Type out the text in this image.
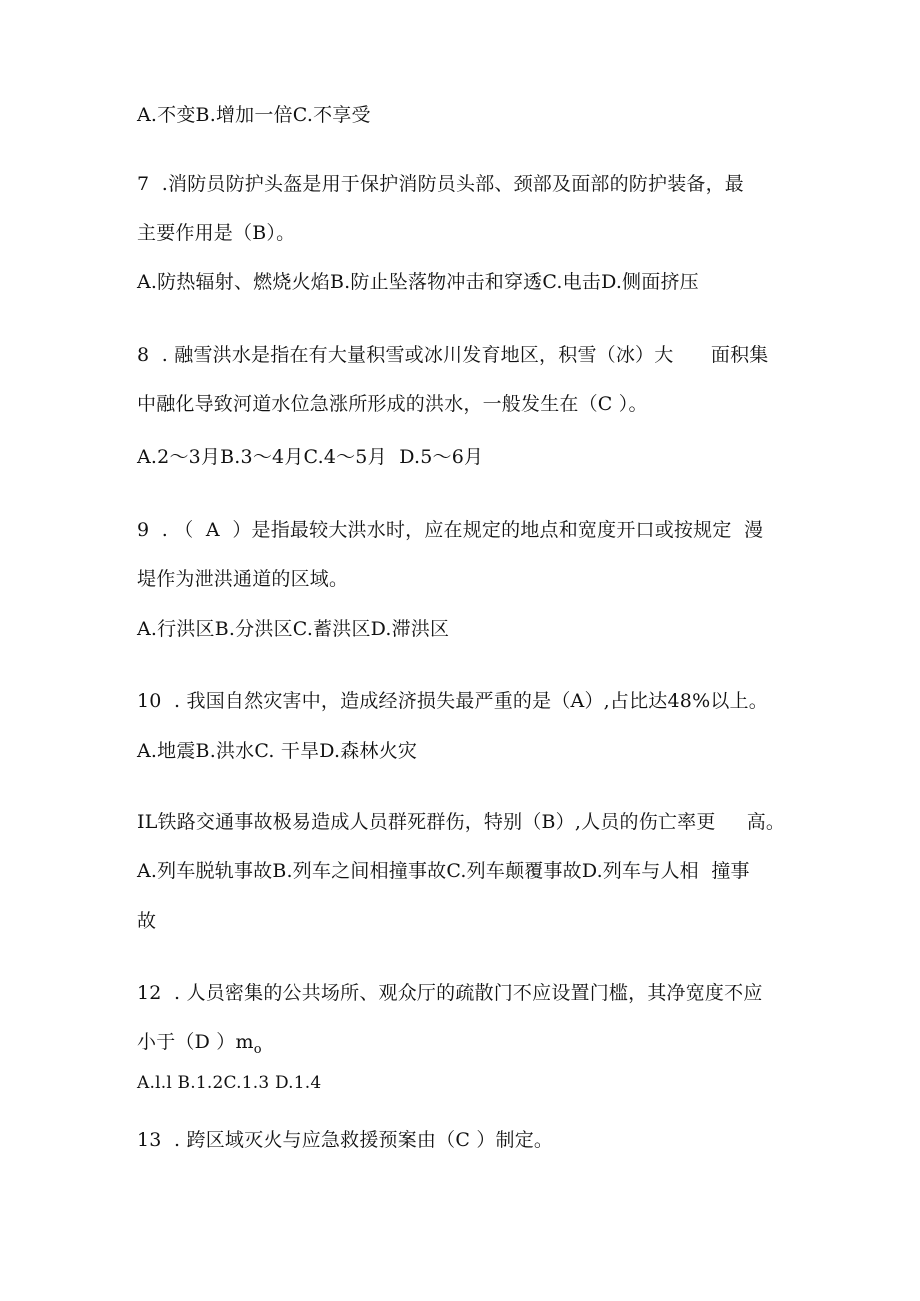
A.不变B.增加一倍C.不享受
7  .消防员防护头盔是用于保护消防员头部、颈部及面部的防护装备，最
主要作用是（B）。
A.防热辐射、燃烧火焰B.防止坠落物冲击和穿透C.电击D.侧面挤压
8  . 融雪洪水是指在有大量积雪或冰川发育地区，积雪（冰）大      面积集
中融化导致河道水位急涨所形成的洪水，一般发生在（C ）。
A.2～3月B.3～4月C.4～5月  D.5～6月
9  . （  A  ）是指最较大洪水时，应在规定的地点和宽度开口或按规定  漫
堤作为泄洪通道的区域。
A.行洪区B.分洪区C.蓄洪区D.滞洪区
10  . 我国自然灾害中，造成经济损失最严重的是（A）,占比达48%以上。
A.地震B.洪水C. 干旱D.森林火灾
IL铁路交通事故极易造成人员群死群伤，特别（B）,人员的伤亡率更     高。
A.列车脱轨事故B.列车之间相撞事故C.列车颠覆事故D.列车与人相  撞事
故
12  . 人员密集的公共场所、观众厅的疏散门不应设置门槛，其净宽度不应
小于（D ）$m_o$
A.l.l B.1.2C.1.3 D.1.4
13  . 跨区域灭火与应急救援预案由（C ）制定。
